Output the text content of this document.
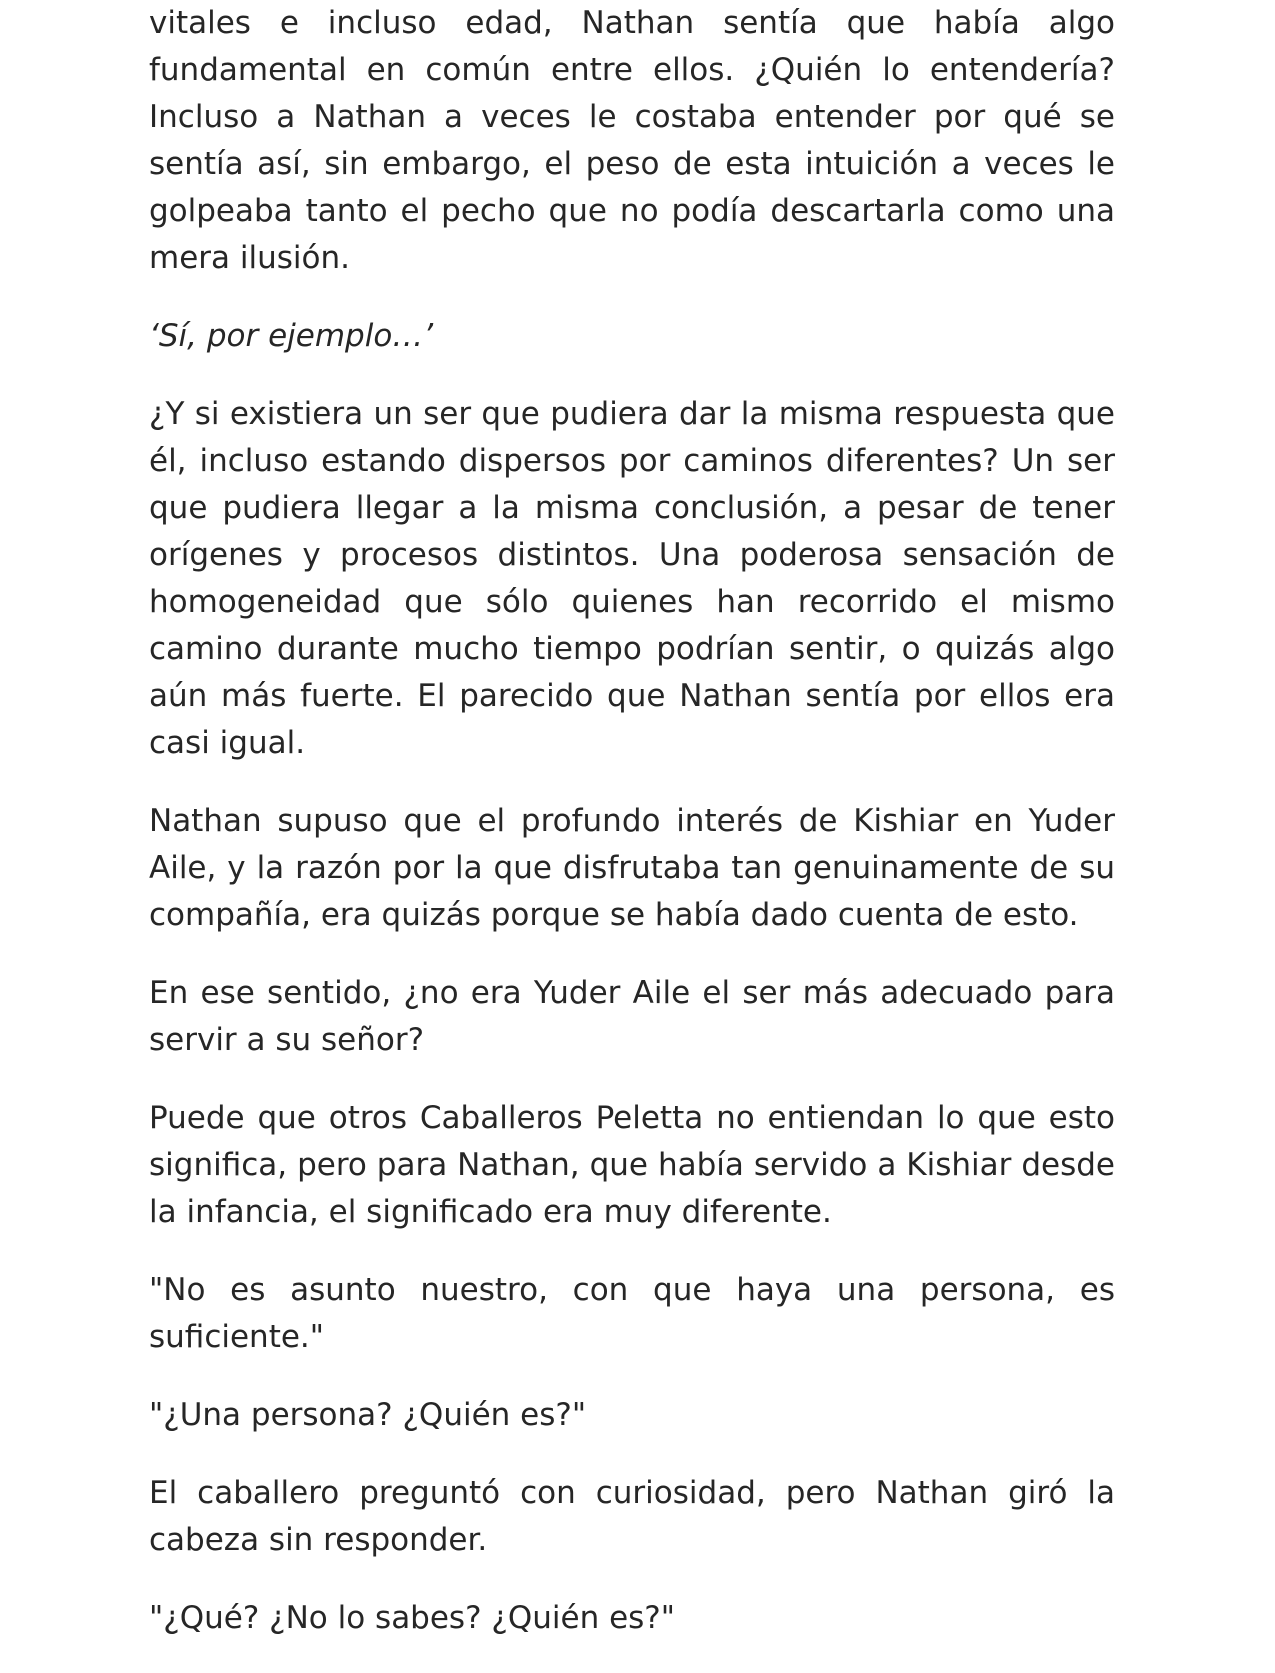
vitales e incluso edad, Nathan sentía que había algo fundamental en común entre ellos. ¿Quién lo entendería? Incluso a Nathan a veces le costaba entender por qué se sentía así, sin embargo, el peso de esta intuición a veces le golpeaba tanto el pecho que no podía descartarla como una mera ilusión.

‘Sí, por ejemplo…’

¿Y si existiera un ser que pudiera dar la misma respuesta que él, incluso estando dispersos por caminos diferentes? Un ser que pudiera llegar a la misma conclusión, a pesar de tener orígenes y procesos distintos. Una poderosa sensación de homogeneidad que sólo quienes han recorrido el mismo camino durante mucho tiempo podrían sentir, o quizás algo aún más fuerte. El parecido que Nathan sentía por ellos era casi igual.

Nathan supuso que el profundo interés de Kishiar en Yuder Aile, y la razón por la que disfrutaba tan genuinamente de su compañía, era quizás porque se había dado cuenta de esto.

En ese sentido, ¿no era Yuder Aile el ser más adecuado para servir a su señor?

Puede que otros Caballeros Peletta no entiendan lo que esto significa, pero para Nathan, que había servido a Kishiar desde la infancia, el significado era muy diferente.

"No es asunto nuestro, con que haya una persona, es suficiente."

"¿Una persona? ¿Quién es?"

El caballero preguntó con curiosidad, pero Nathan giró la cabeza sin responder.

"¿Qué? ¿No lo sabes? ¿Quién es?"
